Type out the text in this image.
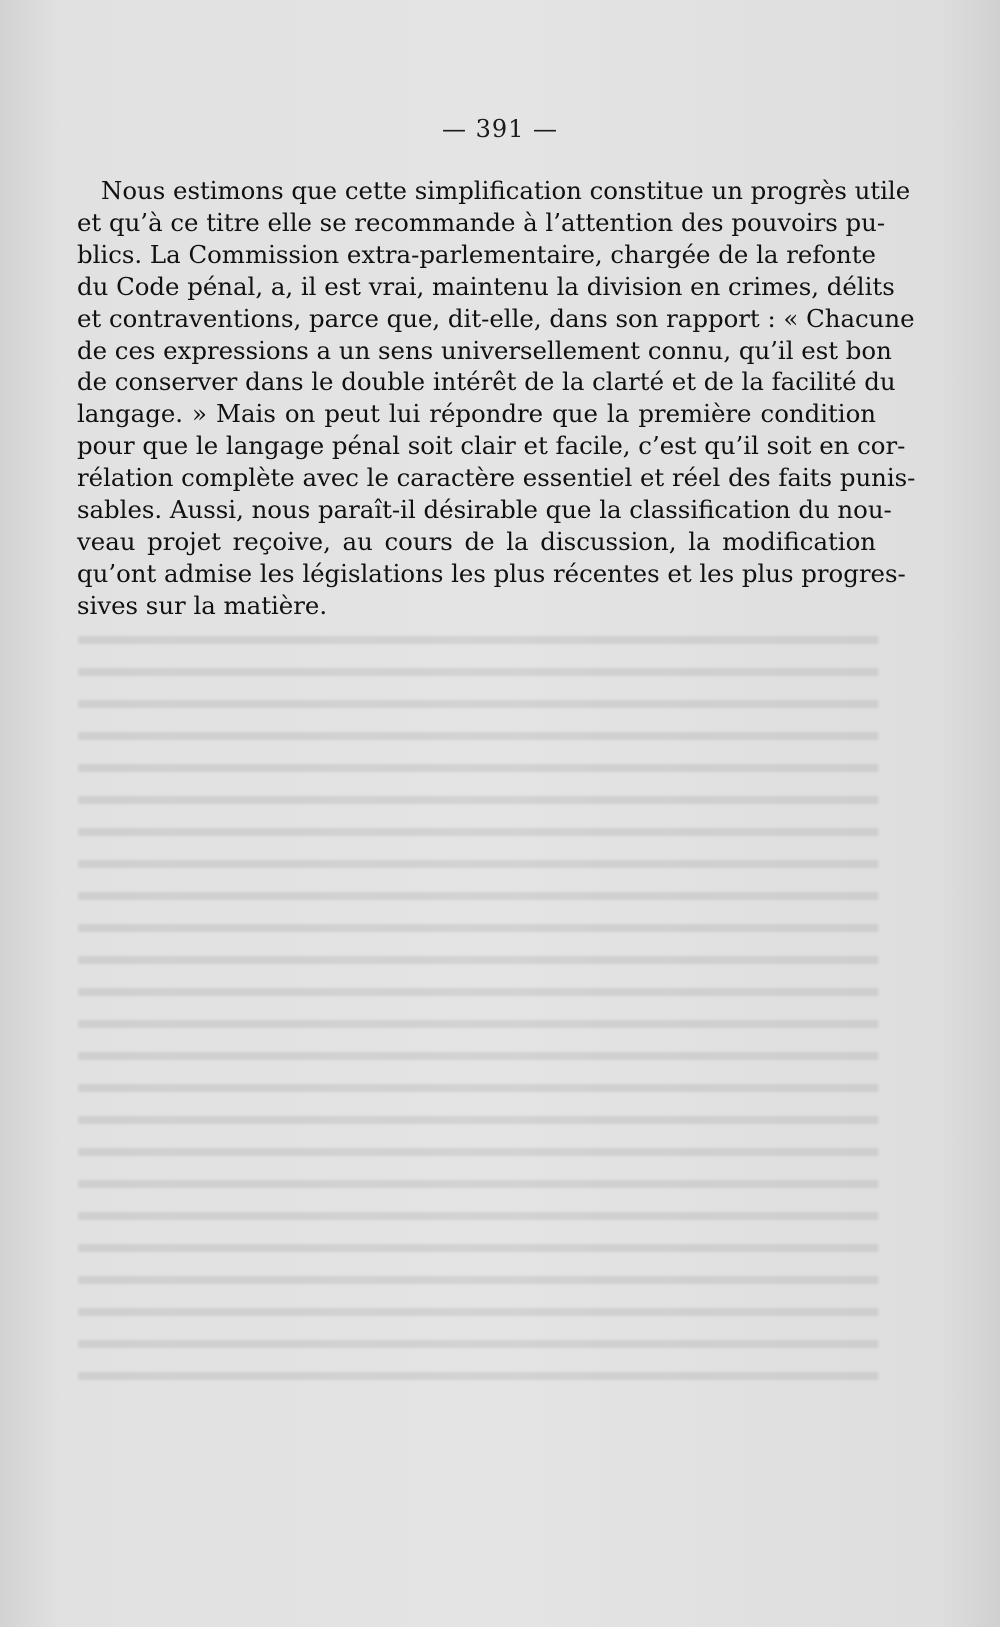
— 391 —
Nous estimons que cette simplification constitue un progrès utile
et qu’à ce titre elle se recommande à l’attention des pouvoirs pu-
blics. La Commission extra-parlementaire, chargée de la refonte
du Code pénal, a, il est vrai, maintenu la division en crimes, délits
et contraventions, parce que, dit-elle, dans son rapport : « Chacune
de ces expressions a un sens universellement connu, qu’il est bon
de conserver dans le double intérêt de la clarté et de la facilité du
langage. » Mais on peut lui répondre que la première condition
pour que le langage pénal soit clair et facile, c’est qu’il soit en cor-
rélation complète avec le caractère essentiel et réel des faits punis-
sables. Aussi, nous paraît-il désirable que la classification du nou-
veau projet reçoive, au cours de la discussion, la modification
qu’ont admise les législations les plus récentes et les plus progres-
sives sur la matière.
